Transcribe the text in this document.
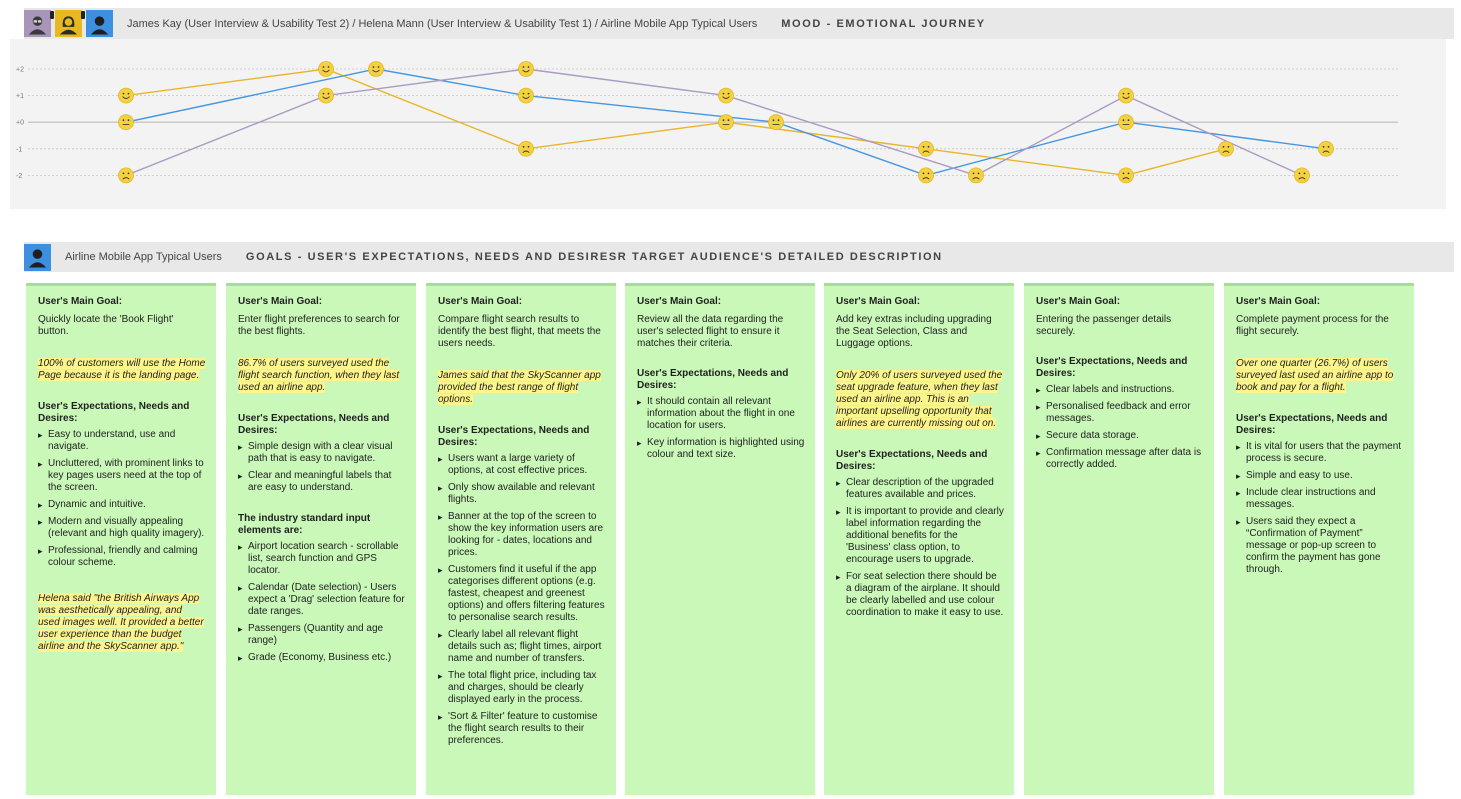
James Kay (User Interview & Usability Test 2) / Helena Mann (User Interview & Usability Test 1) / Airline Mobile App Typical Users MOOD - EMOTIONAL JOURNEY
+2
+1
+0
-1
-2
Airline Mobile App Typical Users GOALS - USER'S EXPECTATIONS, NEEDS AND DESIRESR TARGET AUDIENCE'S DETAILED DESCRIPTION
User's Main Goal:
Quickly locate the 'Book Flight' button.
100% of customers will use the Home Page because it is the landing page.
User's Expectations, Needs and Desires:
▸ Easy to understand, use and navigate.
▸ Uncluttered, with prominent links to key pages users need at the top of the screen.
▸ Dynamic and intuitive.
▸ Modern and visually appealing (relevant and high quality imagery).
▸ Professional, friendly and calming colour scheme.
Helena said "the British Airways App was aesthetically appealing, and used images well. It provided a better user experience than the budget airline and the SkyScanner app."
User's Main Goal:
Enter flight preferences to search for the best flights.
86.7% of users surveyed used the flight search function, when they last used an airline app.
User's Expectations, Needs and Desires:
▸ Simple design with a clear visual path that is easy to navigate.
▸ Clear and meaningful labels that are easy to understand.
The industry standard input elements are:
▸ Airport location search - scrollable list, search function and GPS locator.
▸ Calendar (Date selection) - Users expect a 'Drag' selection feature for date ranges.
▸ Passengers (Quantity and age range)
▸ Grade (Economy, Business etc.)
User's Main Goal:
Compare flight search results to identify the best flight, that meets the users needs.
James said that the SkyScanner app provided the best range of flight options.
User's Expectations, Needs and Desires:
▸ Users want a large variety of options, at cost effective prices.
▸ Only show available and relevant flights.
▸ Banner at the top of the screen to show the key information users are looking for - dates, locations and prices.
▸ Customers find it useful if the app categorises different options (e.g. fastest, cheapest and greenest options) and offers filtering features to personalise search results.
▸ Clearly label all relevant flight details such as; flight times, airport name and number of transfers.
▸ The total flight price, including tax and charges, should be clearly displayed early in the process.
▸ 'Sort & Filter' feature to customise the flight search results to their preferences.
User's Main Goal:
Review all the data regarding the user's selected flight to ensure it matches their criteria.
User's Expectations, Needs and Desires:
▸ It should contain all relevant information about the flight in one location for users.
▸ Key information is highlighted using colour and text size.
User's Main Goal:
Add key extras including upgrading the Seat Selection, Class and Luggage options.
Only 20% of users surveyed used the seat upgrade feature, when they last used an airline app. This is an important upselling opportunity that airlines are currently missing out on.
User's Expectations, Needs and Desires:
▸ Clear description of the upgraded features available and prices.
▸ It is important to provide and clearly label information regarding the additional benefits for the 'Business' class option, to encourage users to upgrade.
▸ For seat selection there should be a diagram of the airplane. It should be clearly labelled and use colour coordination to make it easy to use.
User's Main Goal:
Entering the passenger details securely.
User's Expectations, Needs and Desires:
▸ Clear labels and instructions.
▸ Personalised feedback and error messages.
▸ Secure data storage.
▸ Confirmation message after data is correctly added.
User's Main Goal:
Complete payment process for the flight securely.
Over one quarter (26.7%) of users surveyed last used an airline app to book and pay for a flight.
User's Expectations, Needs and Desires:
▸ It is vital for users that the payment process is secure.
▸ Simple and easy to use.
▸ Include clear instructions and messages.
▸ Users said they expect a “Confirmation of Payment” message or pop-up screen to confirm the payment has gone through.
